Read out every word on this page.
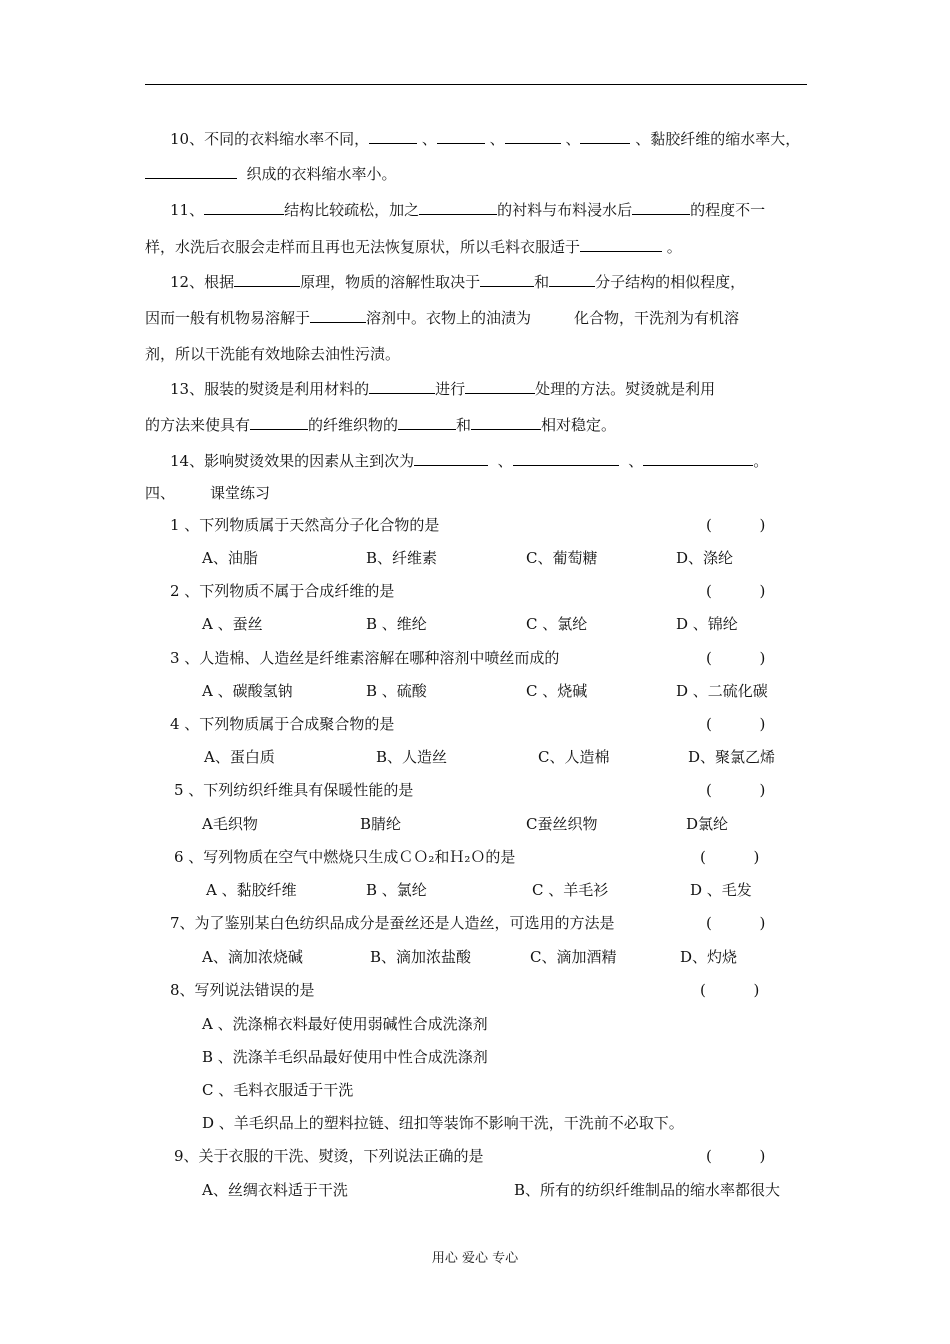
10、不同的衣料缩水率不同，	、	、	、	、黏胶纤维的缩水率大，
织成的衣料缩水率小。
11、	结构比较疏松，加之	的衬料与布料浸水后	的程度不一
样，水洗后衣服会走样而且再也无法恢复原状，所以毛料衣服适于	。
12、根据	原理，物质的溶解性取决于	和	分子结构的相似程度，
因而一般有机物易溶解于	溶剂中。衣物上的油渍为	化合物，干洗剂为有机溶
剂，所以干洗能有效地除去油性污渍。
13、服装的熨烫是利用材料的	进行	处理的方法。熨烫就是利用
的方法来使具有	的纤维织物的	和	相对稳定。
14、影响熨烫效果的因素从主到次为	、	、	。
四、 课堂练习
1 、下列物质属于天然高分子化合物的是	(          )
A、油脂	B、纤维素	C、葡萄糖	D、涤纶
2 、下列物质不属于合成纤维的是	(          )
A 、蚕丝	B 、维纶	C 、氯纶	D 、锦纶
3 、人造棉、人造丝是纤维素溶解在哪种溶剂中喷丝而成的	(          )
A 、碳酸氢钠	B 、硫酸	C 、烧碱	D 、二硫化碳
4 、下列物质属于合成聚合物的是	(          )
A、蛋白质	B、人造丝	C、人造棉	D、聚氯乙烯
5 、下列纺织纤维具有保暖性能的是	(          )
A毛织物	B腈纶	C蚕丝织物	D氯纶
6 、写列物质在空气中燃烧只生成ＣＯ₂和Ｈ₂Ｏ的是	(          )
A 、黏胶纤维	B 、氯纶	C 、羊毛衫	D 、毛发
7、为了鉴别某白色纺织品成分是蚕丝还是人造丝，可选用的方法是	(          )
A、滴加浓烧碱	B、滴加浓盐酸	C、滴加酒精	D、灼烧
8、写列说法错误的是	(          )
A 、洗涤棉衣料最好使用弱碱性合成洗涤剂
B 、洗涤羊毛织品最好使用中性合成洗涤剂
C 、毛料衣服适于干洗
D 、羊毛织品上的塑料拉链、纽扣等装饰不影响干洗，干洗前不必取下。
9、关于衣服的干洗、熨烫，下列说法正确的是	(          )
A、丝绸衣料适于干洗	B、所有的纺织纤维制品的缩水率都很大
用心 爱心 专心
